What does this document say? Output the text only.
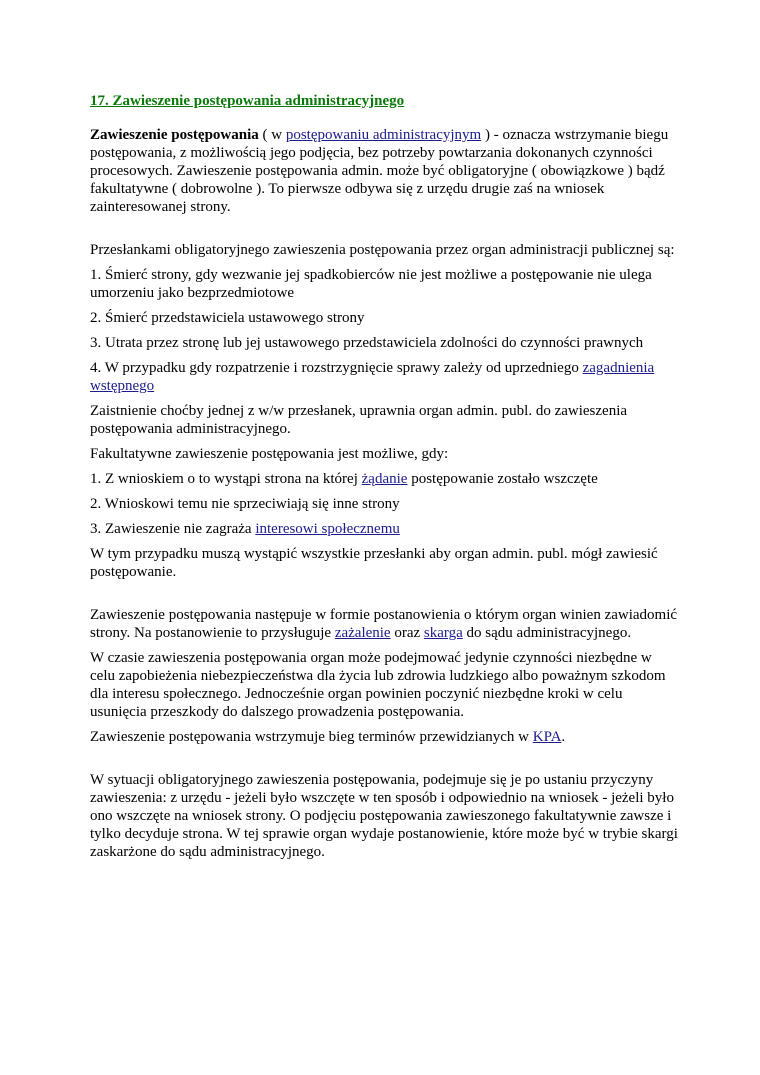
17. Zawieszenie postępowania administracyjnego

Zawieszenie postępowania ( w postępowaniu administracyjnym ) - oznacza wstrzymanie biegu postępowania, z możliwością jego podjęcia, bez potrzeby powtarzania dokonanych czynności procesowych. Zawieszenie postępowania admin. może być obligatoryjne ( obowiązkowe ) bądź fakultatywne ( dobrowolne ). To pierwsze odbywa się z urzędu drugie zaś na wniosek zainteresowanej strony.

Przesłankami obligatoryjnego zawieszenia postępowania przez organ administracji publicznej są:

1. Śmierć strony, gdy wezwanie jej spadkobierców nie jest możliwe a postępowanie nie ulega umorzeniu jako bezprzedmiotowe

2. Śmierć przedstawiciela ustawowego strony

3. Utrata przez stronę lub jej ustawowego przedstawiciela zdolności do czynności prawnych

4. W przypadku gdy rozpatrzenie i rozstrzygnięcie sprawy zależy od uprzedniego zagadnienia wstępnego

Zaistnienie choćby jednej z w/w przesłanek, uprawnia organ admin. publ. do zawieszenia postępowania administracyjnego.

Fakultatywne zawieszenie postępowania jest możliwe, gdy:

1. Z wnioskiem o to wystąpi strona na której żądanie postępowanie zostało wszczęte

2. Wnioskowi temu nie sprzeciwiają się inne strony

3. Zawieszenie nie zagraża interesowi społecznemu

W tym przypadku muszą wystąpić wszystkie przesłanki aby organ admin. publ. mógł zawiesić postępowanie.

Zawieszenie postępowania następuje w formie postanowienia o którym organ winien zawiadomić strony. Na postanowienie to przysługuje zażalenie oraz skarga do sądu administracyjnego.

W czasie zawieszenia postępowania organ może podejmować jedynie czynności niezbędne w celu zapobieżenia niebezpieczeństwa dla życia lub zdrowia ludzkiego albo poważnym szkodom dla interesu społecznego. Jednocześnie organ powinien poczynić niezbędne kroki w celu usunięcia przeszkody do dalszego prowadzenia postępowania.

Zawieszenie postępowania wstrzymuje bieg terminów przewidzianych w KPA.

W sytuacji obligatoryjnego zawieszenia postępowania, podejmuje się je po ustaniu przyczyny zawieszenia: z urzędu - jeżeli było wszczęte w ten sposób i odpowiednio na wniosek - jeżeli było ono wszczęte na wniosek strony. O podjęciu postępowania zawieszonego fakultatywnie zawsze i tylko decyduje strona. W tej sprawie organ wydaje postanowienie, które może być w trybie skargi zaskarżone do sądu administracyjnego.
